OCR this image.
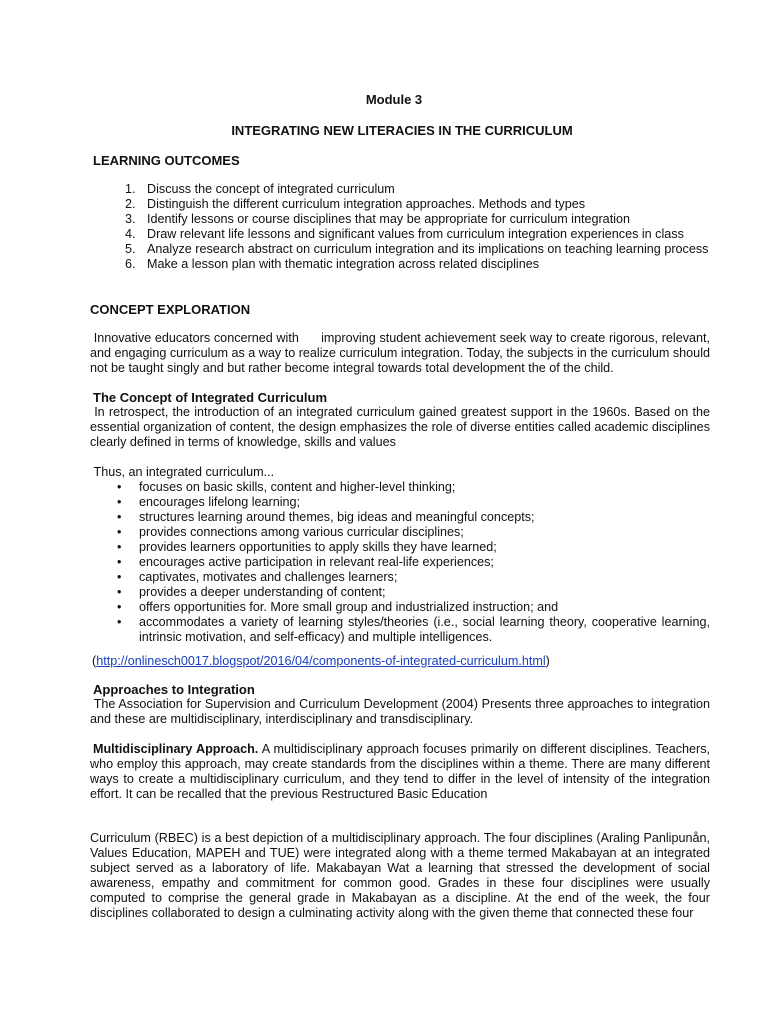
Module 3
INTEGRATING NEW LITERACIES IN THE CURRICULUM
LEARNING OUTCOMES
1. Discuss the concept of integrated curriculum
2. Distinguish the different curriculum integration approaches. Methods and types
3. Identify lessons or course disciplines that may be appropriate for curriculum integration
4. Draw relevant life lessons and significant values from curriculum integration experiences in class
5. Analyze research abstract on curriculum integration and its implications on teaching learning process
6. Make a lesson plan with thematic integration across related disciplines
CONCEPT EXPLORATION
Innovative educators concerned with      improving student achievement seek way to create rigorous, relevant, and engaging curriculum as a way to realize curriculum integration. Today, the subjects in the curriculum should not be taught singly and but rather become integral towards total development the of the child.
The Concept of Integrated Curriculum
In retrospect, the introduction of an integrated curriculum gained greatest support in the 1960s. Based on the essential organization of content, the design emphasizes the role of diverse entities called academic disciplines clearly defined in terms of knowledge, skills and values
Thus, an integrated curriculum...
• focuses on basic skills, content and higher-level thinking;
• encourages lifelong learning;
• structures learning around themes, big ideas and meaningful concepts;
• provides connections among various curricular disciplines;
• provides learners opportunities to apply skills they have learned;
• encourages active participation in relevant real-life experiences;
• captivates, motivates and challenges learners;
• provides a deeper understanding of content;
• offers opportunities for. More small group and industrialized instruction; and
• accommodates a variety of learning styles/theories (i.e., social learning theory, cooperative learning, intrinsic motivation, and self-efficacy) and multiple intelligences.
(http://onlinesch0017.blogspot/2016/04/components-of-integrated-curriculum.html)
Approaches to Integration
The Association for Supervision and Curriculum Development (2004) Presents three approaches to integration and these are multidisciplinary, interdisciplinary and transdisciplinary.
Multidisciplinary Approach. A multidisciplinary approach focuses primarily on different disciplines. Teachers, who employ this approach, may create standards from the disciplines within a theme. There are many different ways to create a multidisciplinary curriculum, and they tend to differ in the level of intensity of the integration effort. It can be recalled that the previous Restructured Basic Education
Curriculum (RBEC) is a best depiction of a multidisciplinary approach. The four disciplines (Araling Panlipunån, Values Education, MAPEH and TUE) were integrated along with a theme termed Makabayan at an integrated subject served as a laboratory of life. Makabayan Wat a learning that stressed the development of social awareness, empathy and commitment for common good. Grades in these four disciplines were usually computed to comprise the general grade in Makabayan as a discipline. At the end of the week, the four disciplines collaborated to design a culminating activity along with the given theme that connected these four
